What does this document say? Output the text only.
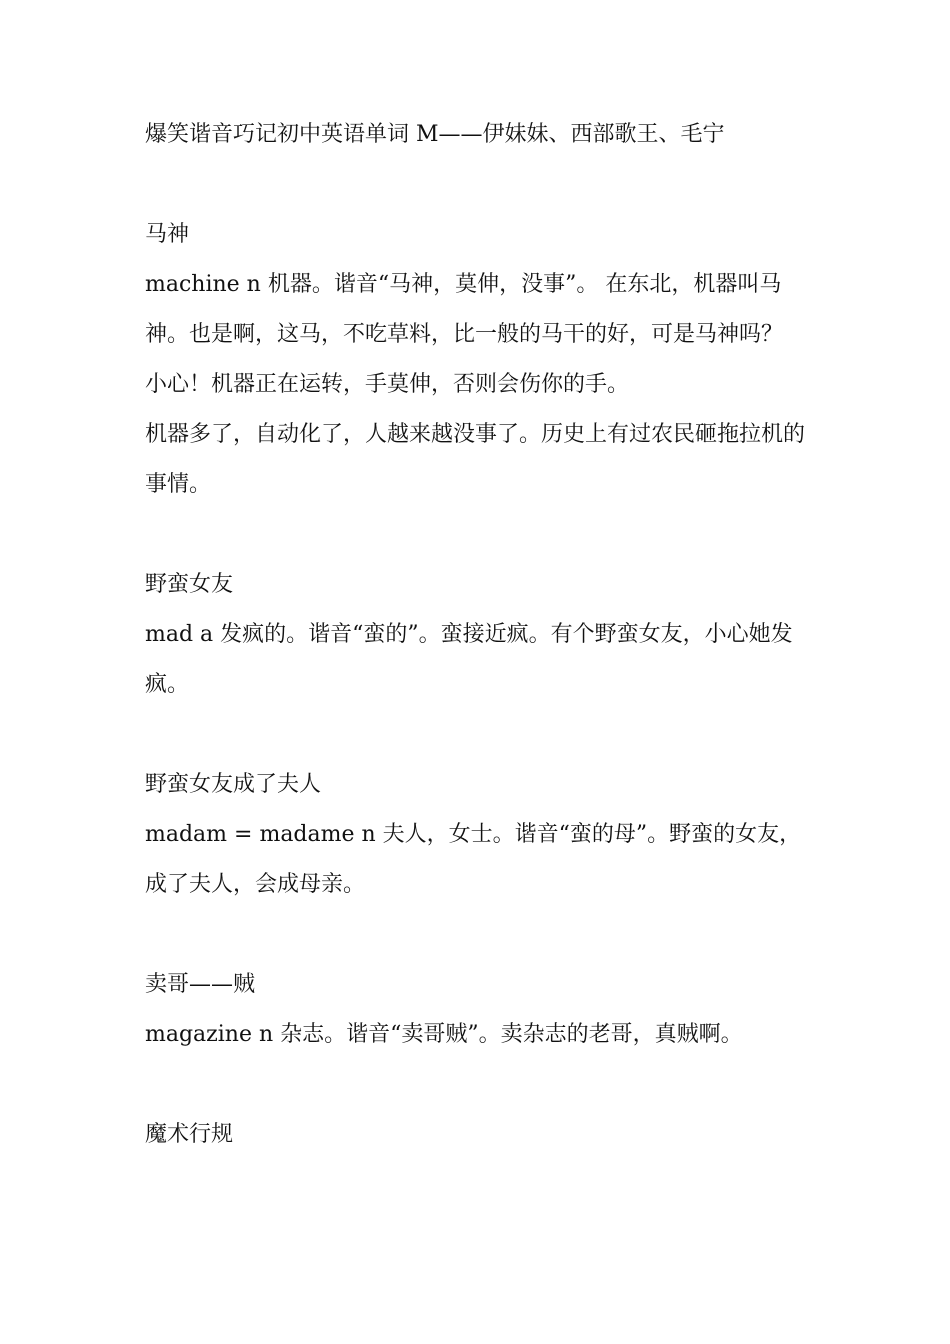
爆笑谐音巧记初中英语单词 M——伊妹妹、西部歌王、毛宁
马神

machine n 机器。谐音“马神，莫伸，没事”。 在东北，机器叫马神。也是啊，这马，不吃草料，比一般的马干的好，可是马神吗？

小心！机器正在运转，手莫伸，否则会伤你的手。

机器多了，自动化了，人越来越没事了。历史上有过农民砸拖拉机的事情。

野蛮女友

mad a 发疯的。谐音“蛮的”。蛮接近疯。有个野蛮女友，小心她发疯。

野蛮女友成了夫人

madam = madame n 夫人，女士。谐音“蛮的母”。野蛮的女友，成了夫人，会成母亲。

卖哥——贼

magazine n 杂志。谐音“卖哥贼”。卖杂志的老哥，真贼啊。

魔术行规
